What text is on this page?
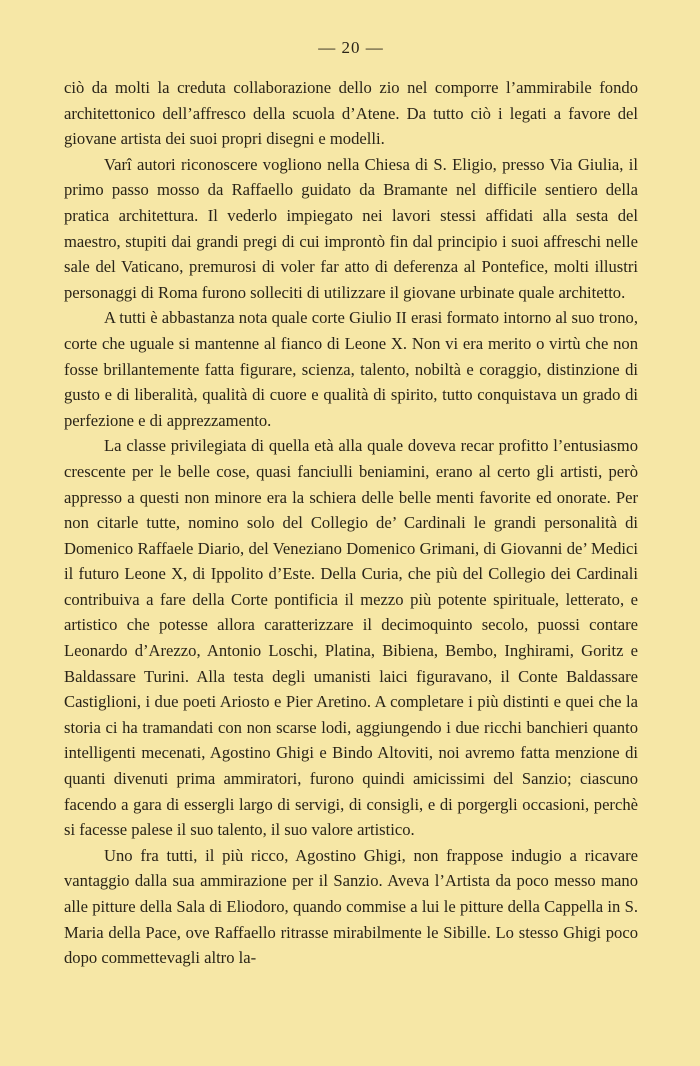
— 20 —

ciò da molti la creduta collaborazione dello zio nel comporre l’ammirabile fondo architettonico dell’affresco della scuola d’Atene. Da tutto ciò i legati a favore del giovane artista dei suoi propri disegni e modelli.

Varî autori riconoscere vogliono nella Chiesa di S. Eligio, presso Via Giulia, il primo passo mosso da Raffaello guidato da Bramante nel difficile sentiero della pratica architettura. Il vederlo impiegato nei lavori stessi affidati alla sesta del maestro, stupiti dai grandi pregi di cui improntò fin dal principio i suoi affreschi nelle sale del Vaticano, premurosi di voler far atto di deferenza al Pontefice, molti illustri personaggi di Roma furono solleciti di utilizzare il giovane urbinate quale architetto.

A tutti è abbastanza nota quale corte Giulio II erasi formato intorno al suo trono, corte che uguale si mantenne al fianco di Leone X. Non vi era merito o virtù che non fosse brillantemente fatta figurare, scienza, talento, nobiltà e coraggio, distinzione di gusto e di liberalità, qualità di cuore e qualità di spirito, tutto conquistava un grado di perfezione e di apprezzamento.

La classe privilegiata di quella età alla quale doveva recar profitto l’entusiasmo crescente per le belle cose, quasi fanciulli beniamini, erano al certo gli artisti, però appresso a questi non minore era la schiera delle belle menti favorite ed onorate. Per non citarle tutte, nomino solo del Collegio de’ Cardinali le grandi personalità di Domenico Raffaele Diario, del Veneziano Domenico Grimani, di Giovanni de’ Medici il futuro Leone X, di Ippolito d’Este. Della Curia, che più del Collegio dei Cardinali contribuiva a fare della Corte pontificia il mezzo più potente spirituale, letterato, e artistico che potesse allora caratterizzare il decimoquinto secolo, puossi contare Leonardo d’Arezzo, Antonio Loschi, Platina, Bibiena, Bembo, Inghirami, Goritz e Baldassare Turini. Alla testa degli umanisti laici figuravano, il Conte Baldassare Castiglioni, i due poeti Ariosto e Pier Aretino. A completare i più distinti e quei che la storia ci ha tramandati con non scarse lodi, aggiungendo i due ricchi banchieri quanto intelligenti mecenati, Agostino Ghigi e Bindo Altoviti, noi avremo fatta menzione di quanti divenuti prima ammiratori, furono quindi amicissimi del Sanzio; ciascuno facendo a gara di essergli largo di servigi, di consigli, e di porgergli occasioni, perchè si facesse palese il suo talento, il suo valore artistico.

Uno fra tutti, il più ricco, Agostino Ghigi, non frappose indugio a ricavare vantaggio dalla sua ammirazione per il Sanzio. Aveva l’Artista da poco messo mano alle pitture della Sala di Eliodoro, quando commise a lui le pitture della Cappella in S. Maria della Pace, ove Raffaello ritrasse mirabilmente le Sibille. Lo stesso Ghigi poco dopo commettevagli altro la-
